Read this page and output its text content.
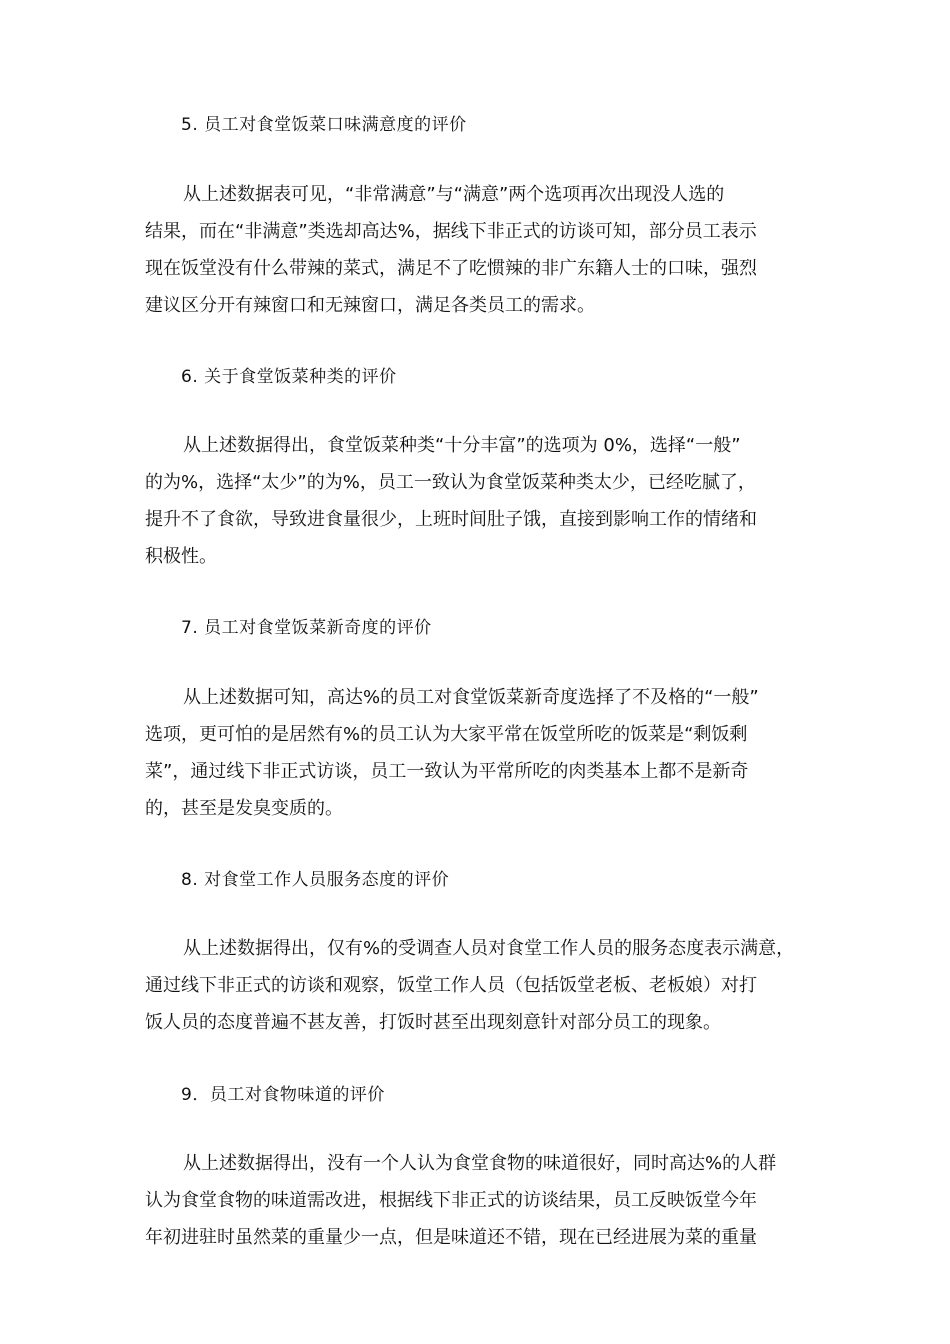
5. 员工对食堂饭菜口味满意度的评价
从上述数据表可见，“非常满意”与“满意”两个选项再次出现没人选的
结果，而在“非满意”类选却高达%，据线下非正式的访谈可知，部分员工表示
现在饭堂没有什么带辣的菜式，满足不了吃惯辣的非广东籍人士的口味，强烈
建议区分开有辣窗口和无辣窗口，满足各类员工的需求。
6. 关于食堂饭菜种类的评价
从上述数据得出，食堂饭菜种类“十分丰富”的选项为 0%，选择“一般”
的为%，选择“太少”的为%，员工一致认为食堂饭菜种类太少，已经吃腻了，
提升不了食欲，导致进食量很少，上班时间肚子饿，直接到影响工作的情绪和
积极性。
7. 员工对食堂饭菜新奇度的评价
从上述数据可知，高达%的员工对食堂饭菜新奇度选择了不及格的“一般”
选项，更可怕的是居然有%的员工认为大家平常在饭堂所吃的饭菜是“剩饭剩
菜”，通过线下非正式访谈，员工一致认为平常所吃的肉类基本上都不是新奇
的，甚至是发臭变质的。
8. 对食堂工作人员服务态度的评价
从上述数据得出，仅有%的受调查人员对食堂工作人员的服务态度表示满意，
通过线下非正式的访谈和观察，饭堂工作人员（包括饭堂老板、老板娘）对打
饭人员的态度普遍不甚友善，打饭时甚至出现刻意针对部分员工的现象。
9．员工对食物味道的评价
从上述数据得出，没有一个人认为食堂食物的味道很好，同时高达%的人群
认为食堂食物的味道需改进，根据线下非正式的访谈结果，员工反映饭堂今年
年初进驻时虽然菜的重量少一点，但是味道还不错，现在已经进展为菜的重量
